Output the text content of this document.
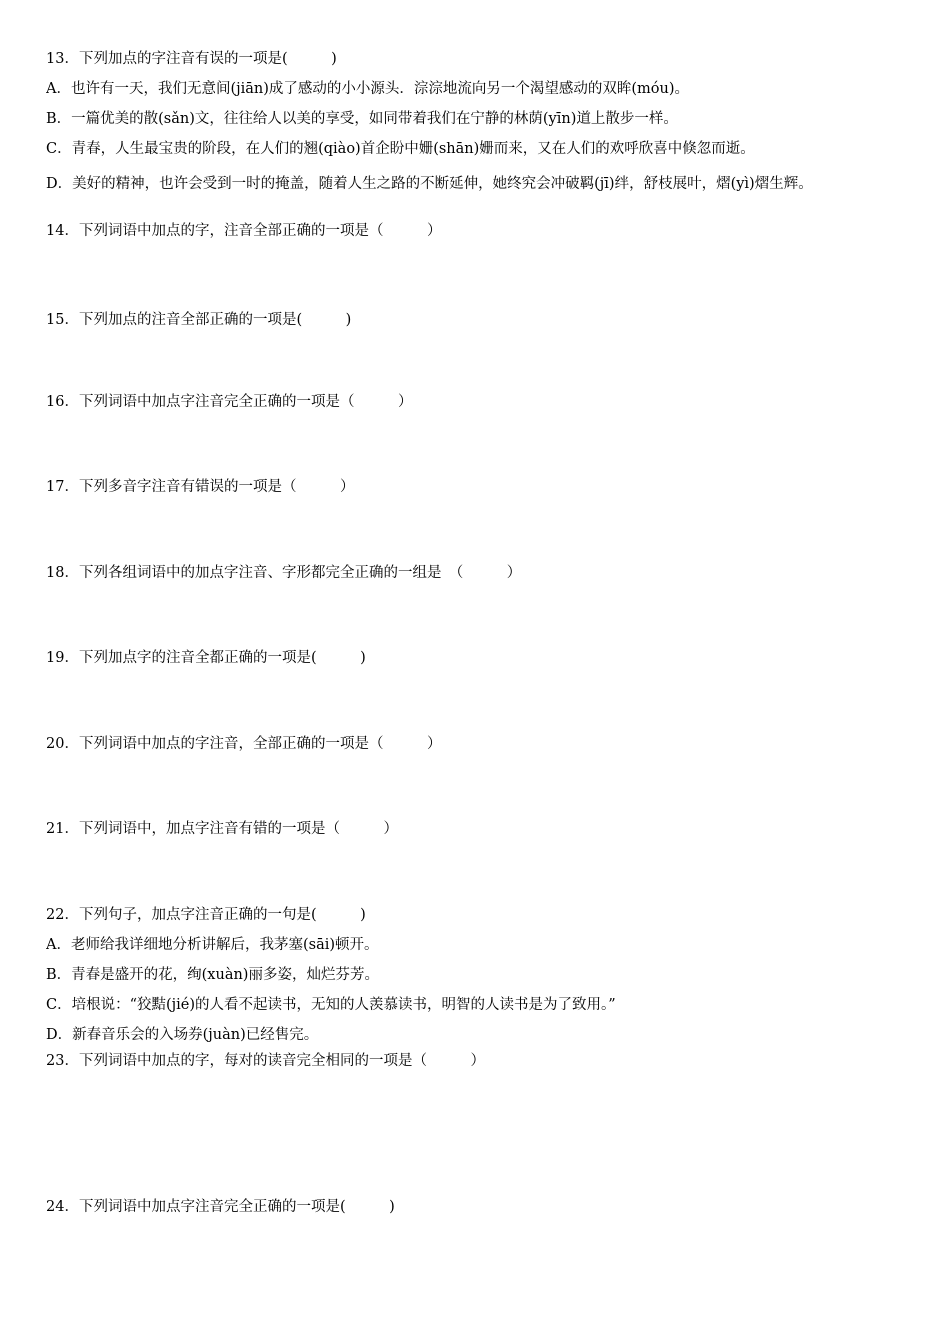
13．下列加点的字注音有误的一项是(　　　)
A．也许有一天，我们无意间(jiān)成了感动的小小源头．淙淙地流向另一个渴望感动的双眸(móu)。
B．一篇优美的散(sǎn)文，往往给人以美的享受，如同带着我们在宁静的林荫(yīn)道上散步一样。
C．青春，人生最宝贵的阶段，在人们的翘(qiào)首企盼中姗(shān)姗而来，又在人们的欢呼欣喜中倏忽而逝。
D．美好的精神，也许会受到一时的掩盖，随着人生之路的不断延伸，她终究会冲破羁(jī)绊，舒枝展叶，熠(yì)熠生辉。
14．下列词语中加点的字，注音全部正确的一项是（　　　）
15．下列加点的注音全部正确的一项是(　　　)
16．下列词语中加点字注音完全正确的一项是（　　　）
17．下列多音字注音有错误的一项是（　　　）
18．下列各组词语中的加点字注音、字形都完全正确的一组是　（　　　）
19．下列加点字的注音全都正确的一项是(　　　)
20．下列词语中加点的字注音，全部正确的一项是（　　　）
21．下列词语中，加点字注音有错的一项是（　　　）
22．下列句子，加点字注音正确的一句是(　　　)
A．老师给我详细地分析讲解后，我茅塞(sāi)顿开。
B．青春是盛开的花，绚(xuàn)丽多姿，灿烂芬芳。
C．培根说：“狡黠(jié)的人看不起读书，无知的人羡慕读书，明智的人读书是为了致用。”
D．新春音乐会的入场券(juàn)已经售完。
23．下列词语中加点的字，每对的读音完全相同的一项是（　　　）
24．下列词语中加点字注音完全正确的一项是(　　　)
